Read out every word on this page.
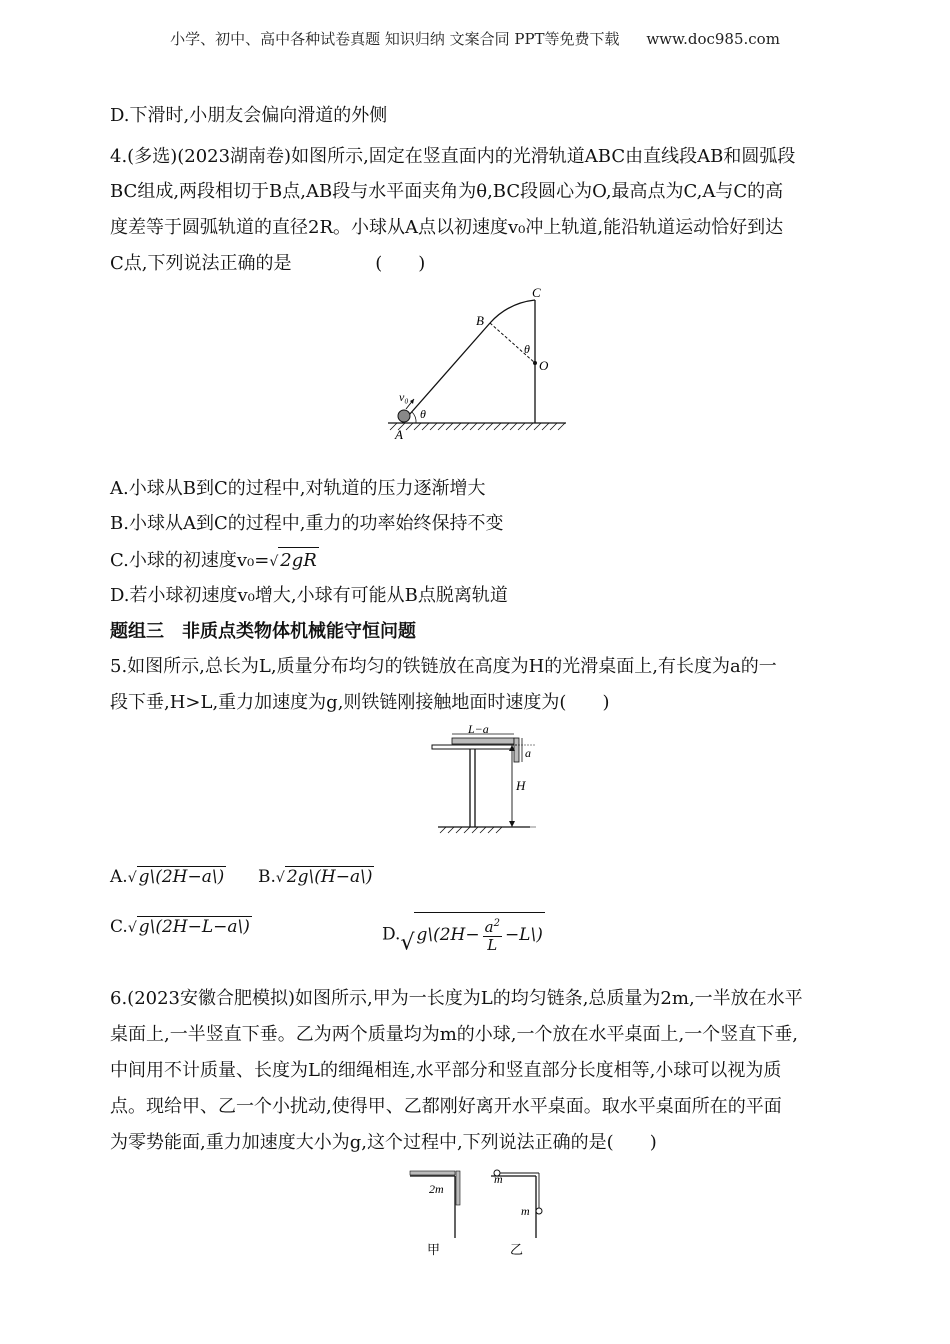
小学、初中、高中各种试卷真题 知识归纳 文案合同 PPT等免费下载 www.doc985.com
D.下滑时,小朋友会偏向滑道的外侧
4.(多选)(2023湖南卷)如图所示,固定在竖直面内的光滑轨道ABC由直线段AB和圆弧段
BC组成,两段相切于B点,AB段与水平面夹角为θ,BC段圆心为O,最高点为C,A与C的高
度差等于圆弧轨道的直径2R。小球从A点以初速度v₀冲上轨道,能沿轨道运动恰好到达
C点,下列说法正确的是	(　　)
A
B
C
O
θ
θ
v₀
A.小球从B到C的过程中,对轨道的压力逐渐增大
B.小球从A到C的过程中,重力的功率始终保持不变
C.小球的初速度v₀=√ 2gR
D.若小球初速度v₀增大,小球有可能从B点脱离轨道
题组三　非质点类物体机械能守恒问题
5.如图所示,总长为L,质量分布均匀的铁链放在高度为H的光滑桌面上,有长度为a的一
段下垂,H>L,重力加速度为g,则铁链刚接触地面时速度为(　　)
L−a
a
H
A.√ g\(2H−a\) B.√ 2g\(H−a\)
C.√ g\(2H−L−a\)	D.√ g\(2H− $\frac{a^2}{L}$ −L\)
6.(2023安徽合肥模拟)如图所示,甲为一长度为L的均匀链条,总质量为2m,一半放在水平
桌面上,一半竖直下垂。乙为两个质量均为m的小球,一个放在水平桌面上,一个竖直下垂,
中间用不计质量、长度为L的细绳相连,水平部分和竖直部分长度相等,小球可以视为质
点。现给甲、乙一个小扰动,使得甲、乙都刚好离开水平桌面。取水平桌面所在的平面
为零势能面,重力加速度大小为g,这个过程中,下列说法正确的是(　　)
2m
m
m
甲	乙
